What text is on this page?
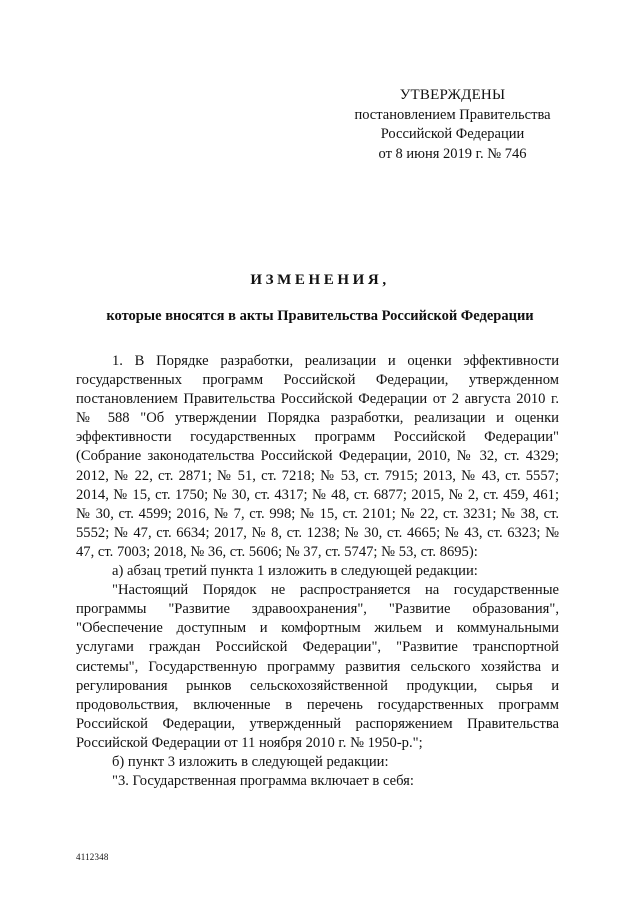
УТВЕРЖДЕНЫ
постановлением Правительства
Российской Федерации
от 8 июня 2019 г. № 746
ИЗМЕНЕНИЯ,
которые вносятся в акты Правительства Российской Федерации

1. В Порядке разработки, реализации и оценки эффективности государственных программ Российской Федерации, утвержденном постановлением Правительства Российской Федерации от 2 августа 2010 г. № 588 "Об утверждении Порядка разработки, реализации и оценки эффективности государственных программ Российской Федерации" (Собрание законодательства Российской Федерации, 2010, № 32, ст. 4329; 2012, № 22, ст. 2871; № 51, ст. 7218; № 53, ст. 7915; 2013, № 43, ст. 5557; 2014, № 15, ст. 1750; № 30, ст. 4317; № 48, ст. 6877; 2015, № 2, ст. 459, 461; № 30, ст. 4599; 2016, № 7, ст. 998; № 15, ст. 2101; № 22, ст. 3231; № 38, ст. 5552; № 47, ст. 6634; 2017, № 8, ст. 1238; № 30, ст. 4665; № 43, ст. 6323; № 47, ст. 7003; 2018, № 36, ст. 5606; № 37, ст. 5747; № 53, ст. 8695):

а) абзац третий пункта 1 изложить в следующей редакции:

"Настоящий Порядок не распространяется на государственные программы "Развитие здравоохранения", "Развитие образования", "Обеспечение доступным и комфортным жильем и коммунальными услугами граждан Российской Федерации", "Развитие транспортной системы", Государственную программу развития сельского хозяйства и регулирования рынков сельскохозяйственной продукции, сырья и продовольствия, включенные в перечень государственных программ Российской Федерации, утвержденный распоряжением Правительства Российской Федерации от 11 ноября 2010 г. № 1950-р.";

б) пункт 3 изложить в следующей редакции:

"3. Государственная программа включает в себя:

4112348
